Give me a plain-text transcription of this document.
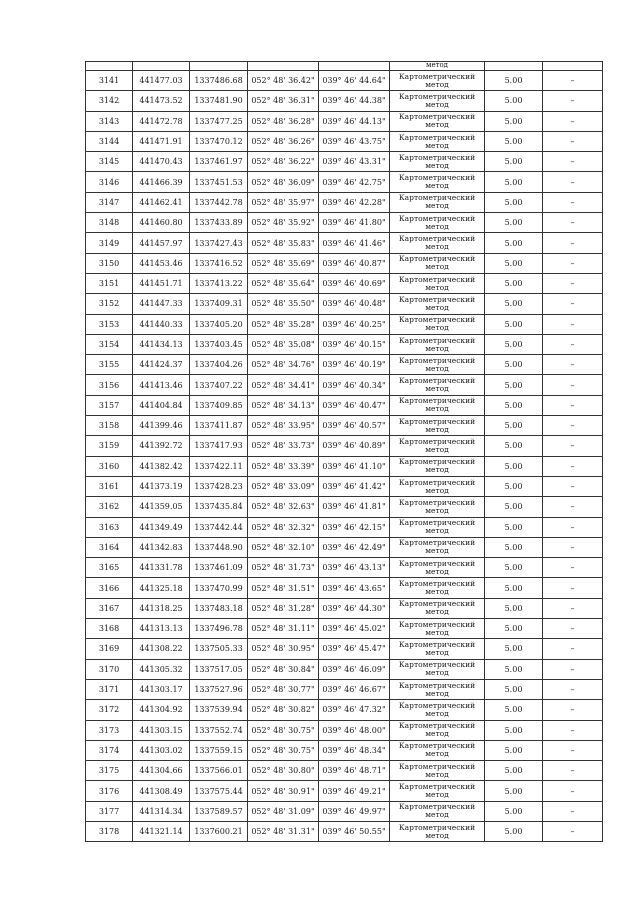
					метод		
3141	441477.03	1337486.68	052° 48' 36.42"	039° 46' 44.64"	Картометрический метод	5.00	–
3142	441473.52	1337481.90	052° 48' 36.31"	039° 46' 44.38"	Картометрический метод	5.00	–
3143	441472.78	1337477.25	052° 48' 36.28"	039° 46' 44.13"	Картометрический метод	5.00	–
3144	441471.91	1337470.12	052° 48' 36.26"	039° 46' 43.75"	Картометрический метод	5.00	–
3145	441470.43	1337461.97	052° 48' 36.22"	039° 46' 43.31"	Картометрический метод	5.00	–
3146	441466.39	1337451.53	052° 48' 36.09"	039° 46' 42.75"	Картометрический метод	5.00	–
3147	441462.41	1337442.78	052° 48' 35.97"	039° 46' 42.28"	Картометрический метод	5.00	–
3148	441460.80	1337433.89	052° 48' 35.92"	039° 46' 41.80"	Картометрический метод	5.00	–
3149	441457.97	1337427.43	052° 48' 35.83"	039° 46' 41.46"	Картометрический метод	5.00	–
3150	441453.46	1337416.52	052° 48' 35.69"	039° 46' 40.87"	Картометрический метод	5.00	–
3151	441451.71	1337413.22	052° 48' 35.64"	039° 46' 40.69"	Картометрический метод	5.00	–
3152	441447.33	1337409.31	052° 48' 35.50"	039° 46' 40.48"	Картометрический метод	5.00	–
3153	441440.33	1337405.20	052° 48' 35.28"	039° 46' 40.25"	Картометрический метод	5.00	–
3154	441434.13	1337403.45	052° 48' 35.08"	039° 46' 40.15"	Картометрический метод	5.00	–
3155	441424.37	1337404.26	052° 48' 34.76"	039° 46' 40.19"	Картометрический метод	5.00	–
3156	441413.46	1337407.22	052° 48' 34.41"	039° 46' 40.34"	Картометрический метод	5.00	–
3157	441404.84	1337409.85	052° 48' 34.13"	039° 46' 40.47"	Картометрический метод	5.00	–
3158	441399.46	1337411.87	052° 48' 33.95"	039° 46' 40.57"	Картометрический метод	5.00	–
3159	441392.72	1337417.93	052° 48' 33.73"	039° 46' 40.89"	Картометрический метод	5.00	–
3160	441382.42	1337422.11	052° 48' 33.39"	039° 46' 41.10"	Картометрический метод	5.00	–
3161	441373.19	1337428.23	052° 48' 33.09"	039° 46' 41.42"	Картометрический метод	5.00	–
3162	441359.05	1337435.84	052° 48' 32.63"	039° 46' 41.81"	Картометрический метод	5.00	–
3163	441349.49	1337442.44	052° 48' 32.32"	039° 46' 42.15"	Картометрический метод	5.00	–
3164	441342.83	1337448.90	052° 48' 32.10"	039° 46' 42.49"	Картометрический метод	5.00	–
3165	441331.78	1337461.09	052° 48' 31.73"	039° 46' 43.13"	Картометрический метод	5.00	–
3166	441325.18	1337470.99	052° 48' 31.51"	039° 46' 43.65"	Картометрический метод	5.00	–
3167	441318.25	1337483.18	052° 48' 31.28"	039° 46' 44.30"	Картометрический метод	5.00	–
3168	441313.13	1337496.78	052° 48' 31.11"	039° 46' 45.02"	Картометрический метод	5.00	–
3169	441308.22	1337505.33	052° 48' 30.95"	039° 46' 45.47"	Картометрический метод	5.00	–
3170	441305.32	1337517.05	052° 48' 30.84"	039° 46' 46.09"	Картометрический метод	5.00	–
3171	441303.17	1337527.96	052° 48' 30.77"	039° 46' 46.67"	Картометрический метод	5.00	–
3172	441304.92	1337539.94	052° 48' 30.82"	039° 46' 47.32"	Картометрический метод	5.00	–
3173	441303.15	1337552.74	052° 48' 30.75"	039° 46' 48.00"	Картометрический метод	5.00	–
3174	441303.02	1337559.15	052° 48' 30.75"	039° 46' 48.34"	Картометрический метод	5.00	–
3175	441304.66	1337566.01	052° 48' 30.80"	039° 46' 48.71"	Картометрический метод	5.00	–
3176	441308.49	1337575.44	052° 48' 30.91"	039° 46' 49.21"	Картометрический метод	5.00	–
3177	441314.34	1337589.57	052° 48' 31.09"	039° 46' 49.97"	Картометрический метод	5.00	–
3178	441321.14	1337600.21	052° 48' 31.31"	039° 46' 50.55"	Картометрический метод	5.00	–
